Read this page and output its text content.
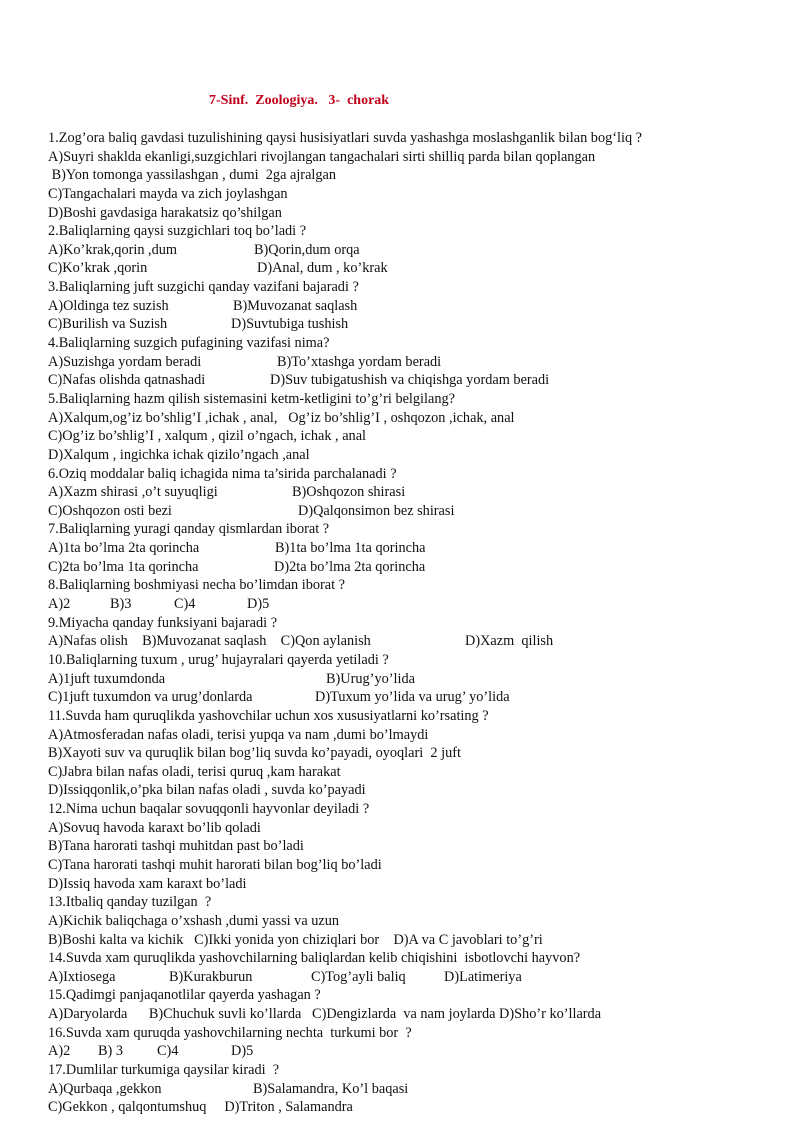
7-Sinf.  Zoologiya.   3-  chorak
1.Zog’ora baliq gavdasi tuzulishining qaysi husisiyatlari suvda yashashga moslashganlik bilan bog‘liq ?
A)Suyri shaklda ekanligi,suzgichlari rivojlangan tangachalari sirti shilliq parda bilan qoplangan
B)Yon tomonga yassilashgan , dumi  2ga ajralgan
C)Tangachalari mayda va zich joylashgan
D)Boshi gavdasiga harakatsiz qo’shilgan
2.Baliqlarning qaysi suzgichlari toq bo’ladi ?
A)Ko’krak,qorin ,dum	B)Qorin,dum orqa
C)Ko’krak ,qorin	D)Anal, dum , ko’krak
3.Baliqlarning juft suzgichi qanday vazifani bajaradi ?
A)Oldinga tez suzish	B)Muvozanat saqlash
C)Burilish va Suzish	D)Suvtubiga tushish
4.Baliqlarning suzgich pufagining vazifasi nima?
A)Suzishga yordam beradi	B)To’xtashga yordam beradi
C)Nafas olishda qatnashadi	D)Suv tubigatushish va chiqishga yordam beradi
5.Baliqlarning hazm qilish sistemasini ketm-ketligini to’g’ri belgilang?
A)Xalqum,og’iz bo’shlig’I ,ichak , anal,   Og’iz bo’shlig’I , oshqozon ,ichak, anal
C)Og’iz bo’shlig’I , xalqum , qizil o’ngach, ichak , anal
D)Xalqum , ingichka ichak qizilo’ngach ,anal
6.Oziq moddalar baliq ichagida nima ta’sirida parchalanadi ?
A)Xazm shirasi ,o’t suyuqligi	B)Oshqozon shirasi
C)Oshqozon osti bezi	D)Qalqonsimon bez shirasi
7.Baliqlarning yuragi qanday qismlardan iborat ?
A)1ta bo’lma 2ta qorincha	B)1ta bo’lma 1ta qorincha
C)2ta bo’lma 1ta qorincha	D)2ta bo’lma 2ta qorincha
8.Baliqlarning boshmiyasi necha bo’limdan iborat ?
A)2	B)3	C)4	D)5
9.Miyacha qanday funksiyani bajaradi ?
A)Nafas olish    B)Muvozanat saqlash    C)Qon aylanish	D)Xazm  qilish
10.Baliqlarning tuxum , urug’ hujayralari qayerda yetiladi ?
A)1juft tuxumdonda	B)Urug’yo’lida
C)1juft tuxumdon va urug’donlarda	D)Tuxum yo’lida va urug’ yo’lida
11.Suvda ham quruqlikda yashovchilar uchun xos xususiyatlarni ko’rsating ?
A)Atmosferadan nafas oladi, terisi yupqa va nam ,dumi bo’lmaydi
B)Xayoti suv va quruqlik bilan bog’liq suvda ko’payadi, oyoqlari  2 juft
C)Jabra bilan nafas oladi, terisi quruq ,kam harakat
D)Issiqqonlik,o’pka bilan nafas oladi , suvda ko’payadi
12.Nima uchun baqalar sovuqqonli hayvonlar deyiladi ?
A)Sovuq havoda karaxt bo’lib qoladi
B)Tana harorati tashqi muhitdan past bo’ladi
C)Tana harorati tashqi muhit harorati bilan bog’liq bo’ladi
D)Issiq havoda xam karaxt bo’ladi
13.Itbaliq qanday tuzilgan  ?
A)Kichik baliqchaga o’xshash ,dumi yassi va uzun
B)Boshi kalta va kichik   C)Ikki yonida yon chiziqlari bor    D)A va C javoblari to’g’ri
14.Suvda xam quruqlikda yashovchilarning baliqlardan kelib chiqishini  isbotlovchi hayvon?
A)Ixtiosega	B)Kurakburun	C)Tog’ayli baliq	D)Latimeriya
15.Qadimgi panjaqanotlilar qayerda yashagan ?
A)Daryolarda      B)Chuchuk suvli ko’llarda   C)Dengizlarda  va nam joylarda D)Sho’r ko’llarda
16.Suvda xam quruqda yashovchilarning nechta  turkumi bor  ?
A)2 B) 3 C)4	D)5
17.Dumlilar turkumiga qaysilar kiradi  ?
A)Qurbaqa ,gekkon	B)Salamandra, Ko’l baqasi
C)Gekkon , qalqontumshuq     D)Triton , Salamandra
